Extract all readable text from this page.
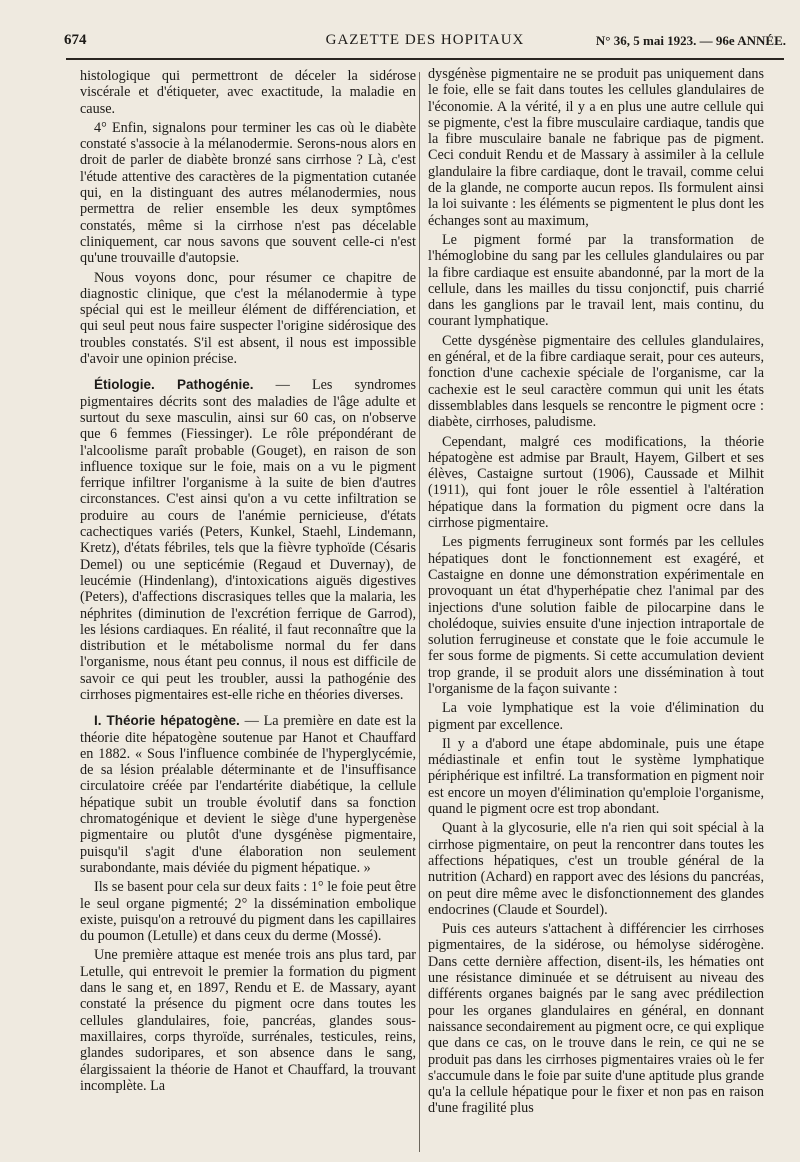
674	GAZETTE DES HOPITAUX	N° 36, 5 mai 1923. — 96e ANNÉE.

histologique qui permettront de déceler la sidérose viscérale et d'étiqueter, avec exactitude, la maladie en cause.

4° Enfin, signalons pour terminer les cas où le diabète constaté s'associe à la mélanodermie. Serons-nous alors en droit de parler de diabète bronzé sans cirrhose ? Là, c'est l'étude attentive des caractères de la pigmentation cutanée qui, en la distinguant des autres mélanodermies, nous permettra de relier ensemble les deux symptômes constatés, même si la cirrhose n'est pas décelable cliniquement, car nous savons que souvent celle-ci n'est qu'une trouvaille d'autopsie.

Nous voyons donc, pour résumer ce chapitre de diagnostic clinique, que c'est la mélanodermie à type spécial qui est le meilleur élément de différenciation, et qui seul peut nous faire suspecter l'origine sidérosique des troubles constatés. S'il est absent, il nous est impossible d'avoir une opinion précise.

Étiologie. Pathogénie. — Les syndromes pigmentaires décrits sont des maladies de l'âge adulte et surtout du sexe masculin, ainsi sur 60 cas, on n'observe que 6 femmes (Fiessinger). Le rôle prépondérant de l'alcoolisme paraît probable (Gouget), en raison de son influence toxique sur le foie, mais on a vu le pigment ferrique infiltrer l'organisme à la suite de bien d'autres circonstances. C'est ainsi qu'on a vu cette infiltration se produire au cours de l'anémie pernicieuse, d'états cachectiques variés (Peters, Kunkel, Staehl, Lindemann, Kretz), d'états fébriles, tels que la fièvre typhoïde (Césaris Demel) ou une septicémie (Regaud et Duvernay), de leucémie (Hindenlang), d'intoxications aiguës digestives (Peters), d'affections discrasiques telles que la malaria, les néphrites (diminution de l'excrétion ferrique de Garrod), les lésions cardiaques. En réalité, il faut reconnaître que la distribution et le métabolisme normal du fer dans l'organisme, nous étant peu connus, il nous est difficile de savoir ce qui peut les troubler, aussi la pathogénie des cirrhoses pigmentaires est-elle riche en théories diverses.

I. Théorie hépatogène. — La première en date est la théorie dite hépatogène soutenue par Hanot et Chauffard en 1882. « Sous l'influence combinée de l'hyperglycémie, de sa lésion préalable déterminante et de l'insuffisance circulatoire créée par l'endartérite diabétique, la cellule hépatique subit un trouble évolutif dans sa fonction chromatogénique et devient le siège d'une hypergenèse pigmentaire ou plutôt d'une dysgénèse pigmentaire, puisqu'il s'agit d'une élaboration non seulement surabondante, mais déviée du pigment hépatique. »

Ils se basent pour cela sur deux faits : 1° le foie peut être le seul organe pigmenté; 2° la dissémination embolique existe, puisqu'on a retrouvé du pigment dans les capillaires du poumon (Letulle) et dans ceux du derme (Mossé).

Une première attaque est menée trois ans plus tard, par Letulle, qui entrevoit le premier la formation du pigment dans le sang et, en 1897, Rendu et E. de Massary, ayant constaté la présence du pigment ocre dans toutes les cellules glandulaires, foie, pancréas, glandes sous-maxillaires, corps thyroïde, surrénales, testicules, reins, glandes sudoripares, et son absence dans le sang, élargissaient la théorie de Hanot et Chauffard, la trouvant incomplète. La

dysgénèse pigmentaire ne se produit pas uniquement dans le foie, elle se fait dans toutes les cellules glandulaires de l'économie. A la vérité, il y a en plus une autre cellule qui se pigmente, c'est la fibre musculaire cardiaque, tandis que la fibre musculaire banale ne fabrique pas de pigment. Ceci conduit Rendu et de Massary à assimiler à la cellule glandulaire la fibre cardiaque, dont le travail, comme celui de la glande, ne comporte aucun repos. Ils formulent ainsi la loi suivante : les éléments se pigmentent le plus dont les échanges sont au maximum,

Le pigment formé par la transformation de l'hémoglobine du sang par les cellules glandulaires ou par la fibre cardiaque est ensuite abandonné, par la mort de la cellule, dans les mailles du tissu conjonctif, puis charrié dans les ganglions par le travail lent, mais continu, du courant lymphatique.

Cette dysgénèse pigmentaire des cellules glandulaires, en général, et de la fibre cardiaque serait, pour ces auteurs, fonction d'une cachexie spéciale de l'organisme, car la cachexie est le seul caractère commun qui unit les états dissemblables dans lesquels se rencontre le pigment ocre : diabète, cirrhoses, paludisme.

Cependant, malgré ces modifications, la théorie hépatogène est admise par Brault, Hayem, Gilbert et ses élèves, Castaigne surtout (1906), Caussade et Milhit (1911), qui font jouer le rôle essentiel à l'altération hépatique dans la formation du pigment ocre dans la cirrhose pigmentaire.

Les pigments ferrugineux sont formés par les cellules hépatiques dont le fonctionnement est exagéré, et Castaigne en donne une démonstration expérimentale en provoquant un état d'hyperhépatie chez l'animal par des injections d'une solution faible de pilocarpine dans le cholédoque, suivies ensuite d'une injection intraportale de solution ferrugineuse et constate que le foie accumule le fer sous forme de pigments. Si cette accumulation devient trop grande, il se produit alors une dissémination à tout l'organisme de la façon suivante :

La voie lymphatique est la voie d'élimination du pigment par excellence.

Il y a d'abord une étape abdominale, puis une étape médiastinale et enfin tout le système lymphatique périphérique est infiltré. La transformation en pigment noir est encore un moyen d'élimination qu'emploie l'organisme, quand le pigment ocre est trop abondant.

Quant à la glycosurie, elle n'a rien qui soit spécial à la cirrhose pigmentaire, on peut la rencontrer dans toutes les affections hépatiques, c'est un trouble général de la nutrition (Achard) en rapport avec des lésions du pancréas, on peut dire même avec le disfonctionnement des glandes endocrines (Claude et Sourdel).

Puis ces auteurs s'attachent à différencier les cirrhoses pigmentaires, de la sidérose, ou hémolyse sidérogène. Dans cette dernière affection, disent-ils, les hématies ont une résistance diminuée et se détruisent au niveau des différents organes baignés par le sang avec prédilection pour les organes glandulaires en général, en donnant naissance secondairement au pigment ocre, ce qui explique que dans ce cas, on le trouve dans le rein, ce qui ne se produit pas dans les cirrhoses pigmentaires vraies où le fer s'accumule dans le foie par suite d'une aptitude plus grande qu'a la cellule hépatique pour le fixer et non pas en raison d'une fragilité plus
